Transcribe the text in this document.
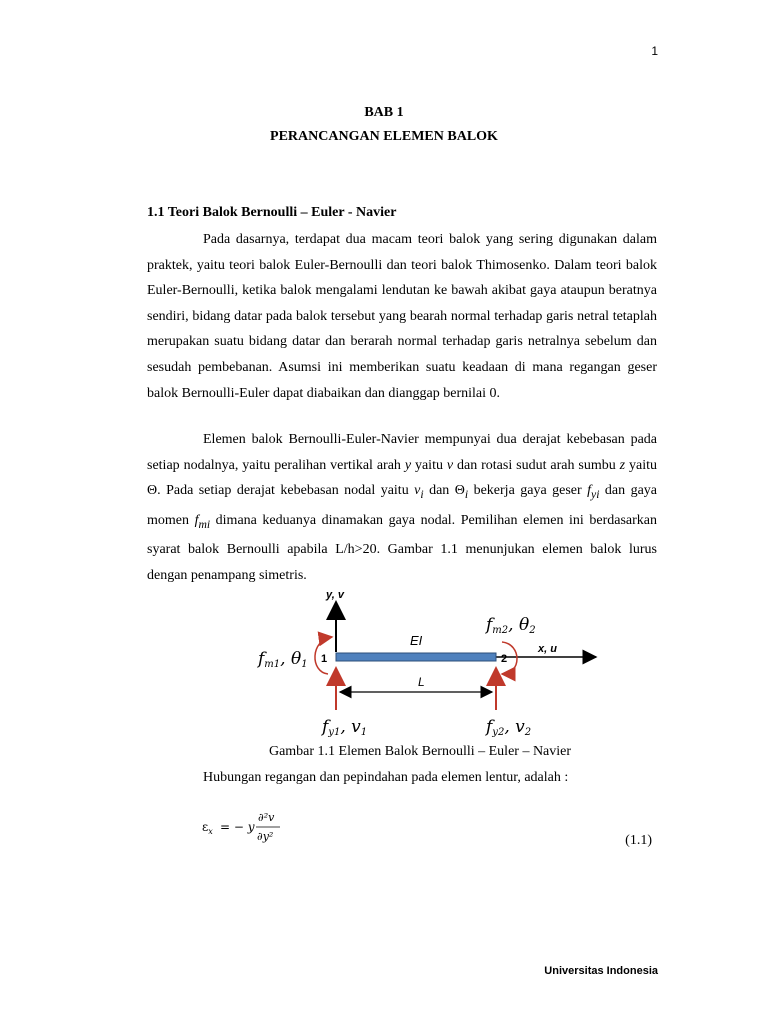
1
BAB 1
PERANCANGAN ELEMEN BALOK
1.1 Teori Balok Bernoulli – Euler - Navier

Pada dasarnya, terdapat dua macam teori balok yang sering digunakan dalam praktek, yaitu teori balok Euler-Bernoulli dan teori balok Thimosenko. Dalam teori balok Euler-Bernoulli, ketika balok mengalami lendutan ke bawah akibat gaya ataupun beratnya sendiri, bidang datar pada balok tersebut yang bearah normal terhadap garis netral tetaplah merupakan suatu bidang datar dan berarah normal terhadap garis netralnya sebelum dan sesudah pembebanan. Asumsi ini memberikan suatu keadaan di mana regangan geser balok Bernoulli-Euler dapat diabaikan dan dianggap bernilai 0.

Elemen balok Bernoulli-Euler-Navier mempunyai dua derajat kebebasan pada setiap nodalnya, yaitu peralihan vertikal arah y yaitu v dan rotasi sudut arah sumbu z yaitu Θ. Pada setiap derajat kebebasan nodal yaitu $v_i$ dan $\Theta_i$ bekerja gaya geser $f_{yi}$ dan gaya momen $f_{mi}$ dimana keduanya dinamakan gaya nodal. Pemilihan elemen ini berdasarkan syarat balok Bernoulli apabila L/h>20. Gambar 1.1 menunjukan elemen balok lurus dengan penampang simetris.

y, v
x, u
EI
1	2
L
fm1, θ1
fm2, θ2
fy1, v1	fy2, v2
Gambar 1.1 Elemen Balok Bernoulli – Euler – Navier
Hubungan regangan dan pepindahan pada elemen lentur, adalah :
$\varepsilon_x$ = − y
∂²v
∂y²	(1.1)
Universitas Indonesia
